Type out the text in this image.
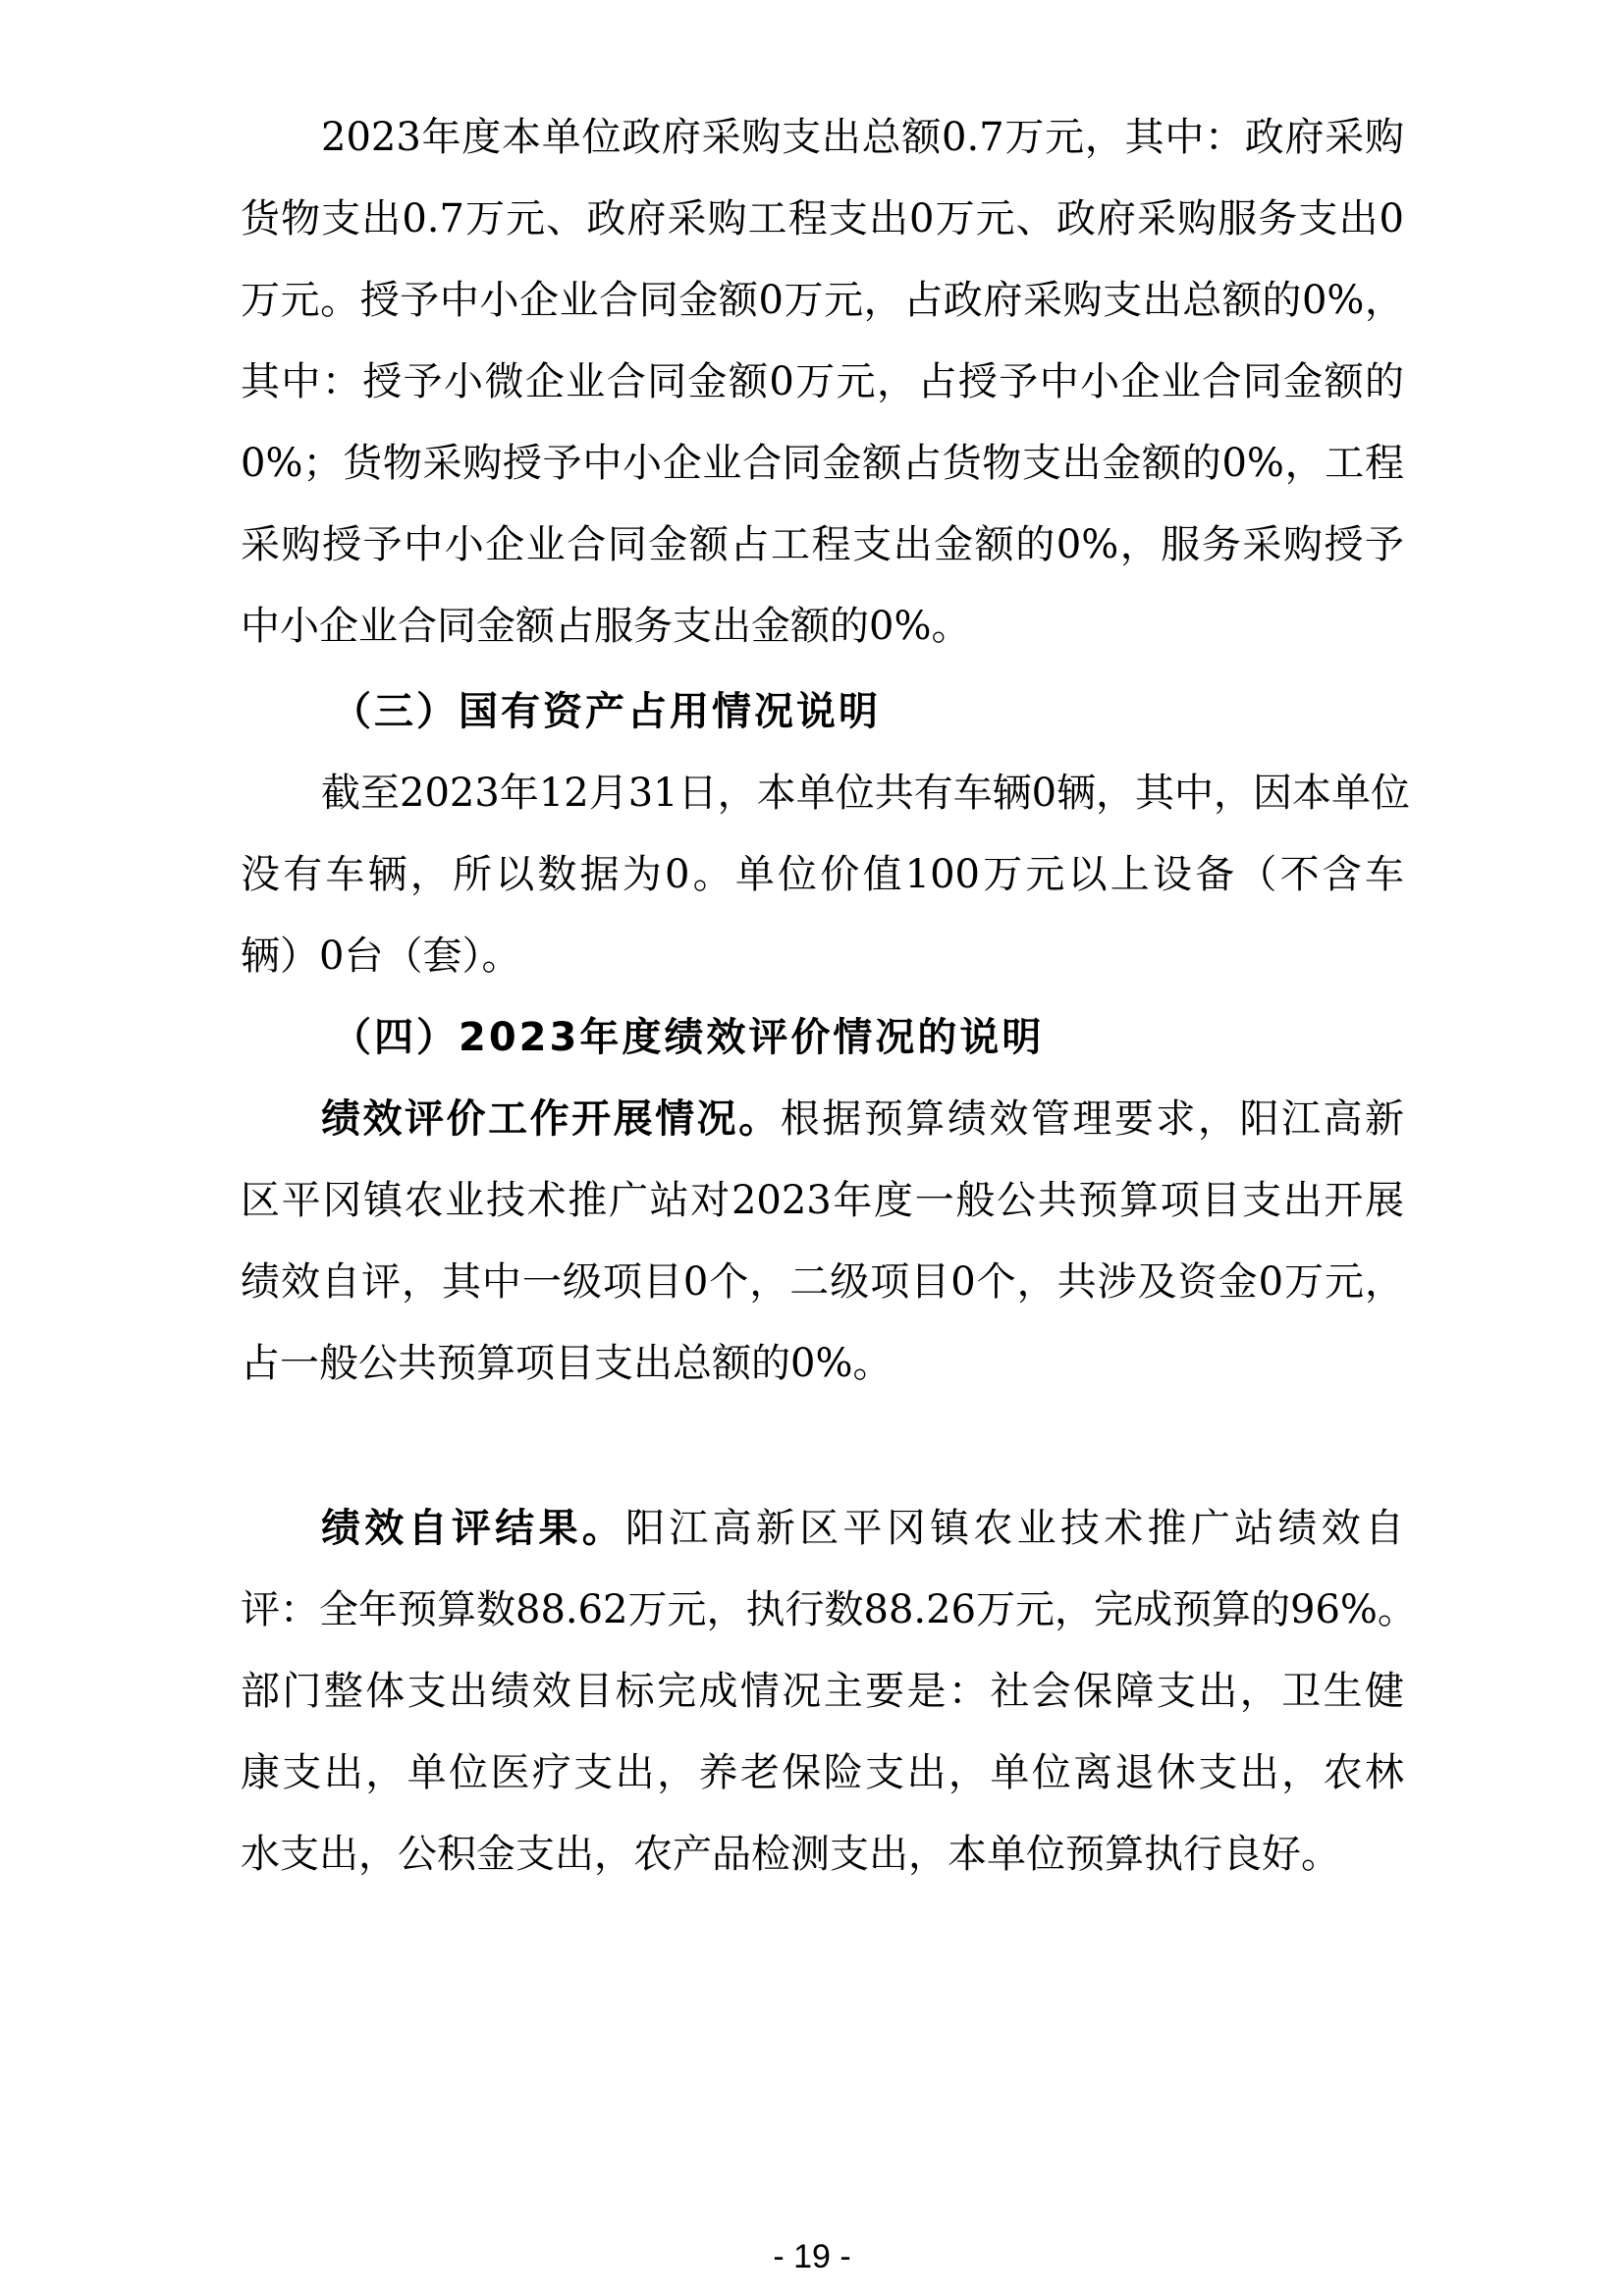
2023年度本单位政府采购支出总额0.7万元，其中：政府采购
货物支出0.7万元、政府采购工程支出0万元、政府采购服务支出0
万元。授予中小企业合同金额0万元，占政府采购支出总额的0%，
其中：授予小微企业合同金额0万元，占授予中小企业合同金额的
0%；货物采购授予中小企业合同金额占货物支出金额的0%，工程
采购授予中小企业合同金额占工程支出金额的0%，服务采购授予
中小企业合同金额占服务支出金额的0%。
（三）国有资产占用情况说明
截至2023年12月31日，本单位共有车辆0辆，其中，因本单位
没有车辆，所以数据为0。单位价值100万元以上设备（不含车
辆）0台（套）。
（四）2023年度绩效评价情况的说明
绩效评价工作开展情况。根据预算绩效管理要求，阳江高新
区平冈镇农业技术推广站对2023年度一般公共预算项目支出开展
绩效自评，其中一级项目0个，二级项目0个，共涉及资金0万元，
占一般公共预算项目支出总额的0%。
绩效自评结果。阳江高新区平冈镇农业技术推广站绩效自
评：全年预算数88.62万元，执行数88.26万元，完成预算的96%。
部门整体支出绩效目标完成情况主要是：社会保障支出，卫生健
康支出，单位医疗支出，养老保险支出，单位离退休支出，农林
水支出，公积金支出，农产品检测支出，本单位预算执行良好。
- 19 -
